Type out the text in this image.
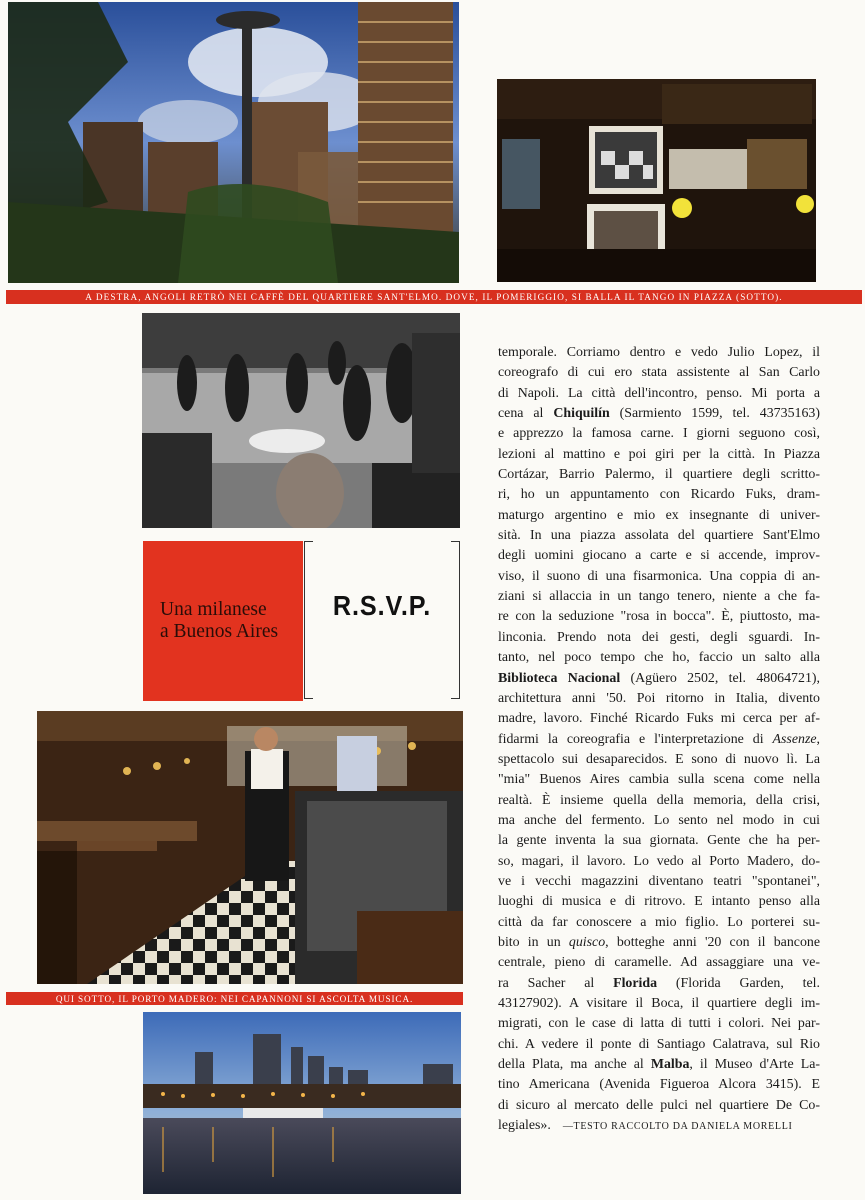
A DESTRA, ANGOLI RETRÒ NEI CAFFÈ DEL QUARTIERE SANT'ELMO. DOVE, IL POMERIGGIO, SI BALLA IL TANGO IN PIAZZA (SOTTO).
Una milanese
a Buenos Aires
R.S.V.P.
QUI SOTTO, IL PORTO MADERO: NEI CAPANNONI SI ASCOLTA MUSICA.
temporale. Corriamo dentro e vedo Julio Lopez, il
coreografo di cui ero stata assistente al San Carlo
di Napoli. La città dell'incontro, penso. Mi porta a
cena al Chiquilín (Sarmiento 1599, tel. 43735163)
e apprezzo la famosa carne. I giorni seguono così,
lezioni al mattino e poi giri per la città. In Piazza
Cortázar, Barrio Palermo, il quartiere degli scritto-
ri, ho un appuntamento con Ricardo Fuks, dram-
maturgo argentino e mio ex insegnante di univer-
sità. In una piazza assolata del quartiere Sant'Elmo
degli uomini giocano a carte e si accende, improv-
viso, il suono di una fisarmonica. Una coppia di an-
ziani si allaccia in un tango tenero, niente a che fa-
re con la seduzione "rosa in bocca". È, piuttosto, ma-
linconia. Prendo nota dei gesti, degli sguardi. In-
tanto, nel poco tempo che ho, faccio un salto alla
Biblioteca Nacional (Agüero 2502, tel. 48064721),
architettura anni '50. Poi ritorno in Italia, divento
madre, lavoro. Finché Ricardo Fuks mi cerca per af-
fidarmi la coreografia e l'interpretazione di Assenze,
spettacolo sui desaparecidos. E sono di nuovo lì. La
"mia" Buenos Aires cambia sulla scena come nella
realtà. È insieme quella della memoria, della crisi,
ma anche del fermento. Lo sento nel modo in cui
la gente inventa la sua giornata. Gente che ha per-
so, magari, il lavoro. Lo vedo al Porto Madero, do-
ve i vecchi magazzini diventano teatri "spontanei",
luoghi di musica e di ritrovo. E intanto penso alla
città da far conoscere a mio figlio. Lo porterei su-
bito in un quisco, botteghe anni '20 con il bancone
centrale, pieno di caramelle. Ad assaggiare una ve-
ra Sacher al Florida (Florida Garden, tel.
43127902). A visitare il Boca, il quartiere degli im-
migrati, con le case di latta di tutti i colori. Nei par-
chi. A vedere il ponte di Santiago Calatrava, sul Rio
della Plata, ma anche al Malba, il Museo d'Arte La-
tino Americana (Avenida Figueroa Alcora 3415). E
di sicuro al mercato delle pulci nel quartiere De Co-
legiales». —TESTO RACCOLTO DA DANIELA MORELLI
